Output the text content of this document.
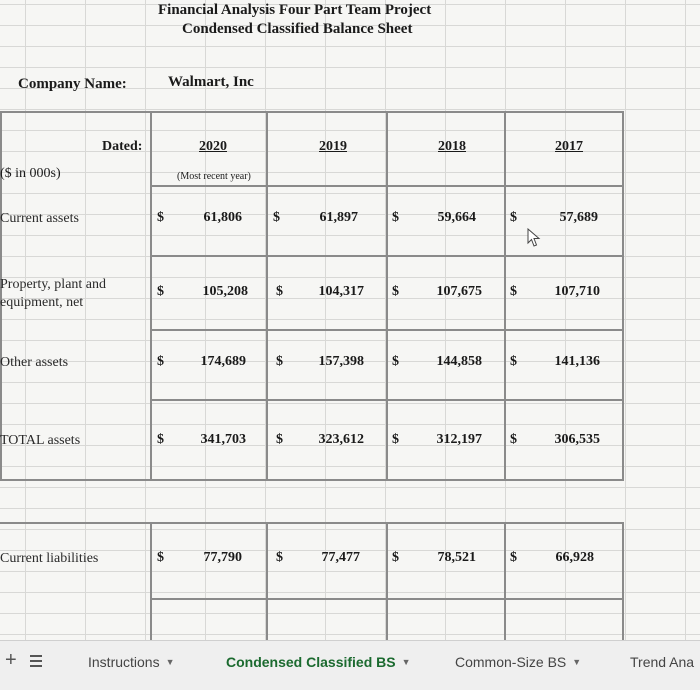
Financial Analysis Four Part Team Project
Condensed Classified Balance Sheet
Company Name:	Walmart, Inc
Dated:	2020	2019	2018	2017
($ in 000s)	(Most recent year)
Current assets	$	61,806 $	61,897 $	59,664 $	57,689
Property, plant and
equipment, net
$	105,208 $	104,317 $	107,675 $	107,710
Other assets	$	174,689 $	157,398 $	144,858 $	141,136
TOTAL assets	$	341,703 $	323,612 $	312,197 $	306,535
Current liabilities	$	77,790 $	77,477 $	78,521 $	66,928
+	Instructions ▼	Condensed Classified BS ▼	Common-Size BS ▼	Trend Ana
